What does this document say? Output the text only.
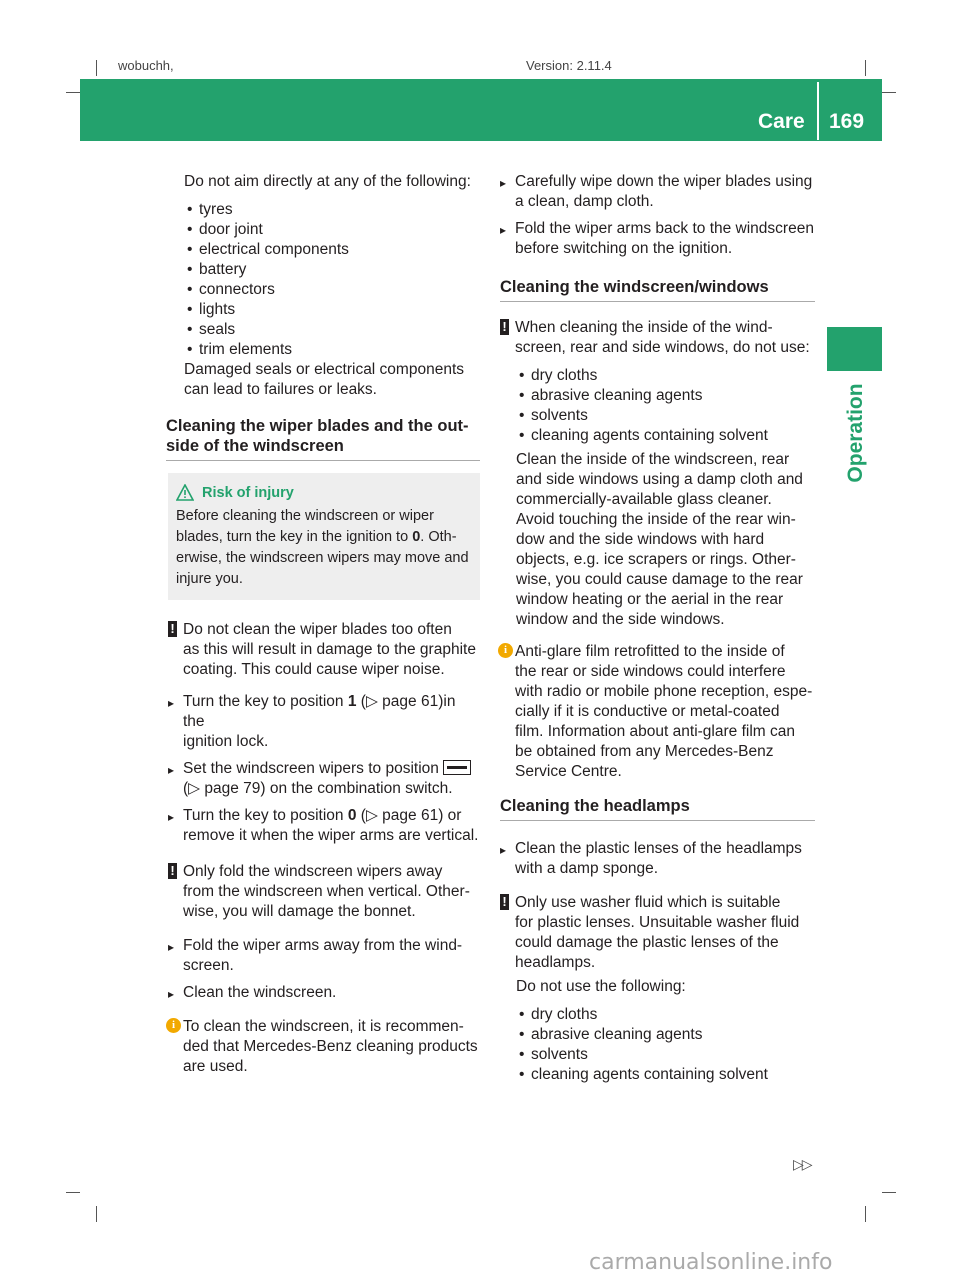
wobuchh,	Version: 2.11.4
Care 169
Operation

Do not aim directly at any of the following:

• tyres

• door joint

• electrical components

• battery

• connectors

• lights

• seals

• trim elements

Damaged seals or electrical components

can lead to failures or leaks.

Cleaning the wiper blades and the out-
side of the windscreen
Risk of injury
Before cleaning the windscreen or wiper
blades, turn the key in the ignition to 0. Oth-
erwise, the windscreen wipers may move and
injure you.
! Do not clean the wiper blades too often
as this will result in damage to the graphite
coating. This could cause wiper noise.
▸ Turn the key to position 1 (▷ page 61)in the
ignition lock.
▸ Set the windscreen wipers to position
(▷ page 79) on the combination switch.
▸ Turn the key to position 0 (▷ page 61) or
remove it when the wiper arms are vertical.
! Only fold the windscreen wipers away
from the windscreen when vertical. Other-
wise, you will damage the bonnet.
▸ Fold the wiper arms away from the wind-
screen.
▸ Clean the windscreen.
i To clean the windscreen, it is recommen-
ded that Mercedes-Benz cleaning products
are used.
▸ Carefully wipe down the wiper blades using
a clean, damp cloth.
▸ Fold the wiper arms back to the windscreen
before switching on the ignition.
Cleaning the windscreen/windows
! When cleaning the inside of the wind-
screen, rear and side windows, do not use:

• dry cloths

• abrasive cleaning agents

• solvents

• cleaning agents containing solvent

Clean the inside of the windscreen, rear
and side windows using a damp cloth and
commercially-available glass cleaner.
Avoid touching the inside of the rear win-
dow and the side windows with hard
objects, e.g. ice scrapers or rings. Other-
wise, you could cause damage to the rear
window heating or the aerial in the rear
window and the side windows.
i Anti-glare film retrofitted to the inside of
the rear or side windows could interfere
with radio or mobile phone reception, espe-
cially if it is conductive or metal-coated
film. Information about anti-glare film can
be obtained from any Mercedes-Benz
Service Centre.
Cleaning the headlamps
▸ Clean the plastic lenses of the headlamps
with a damp sponge.
! Only use washer fluid which is suitable
for plastic lenses. Unsuitable washer fluid
could damage the plastic lenses of the
headlamps.
Do not use the following:

• dry cloths

• abrasive cleaning agents

• solvents

• cleaning agents containing solvent

▷▷
carmanualsonline.info
